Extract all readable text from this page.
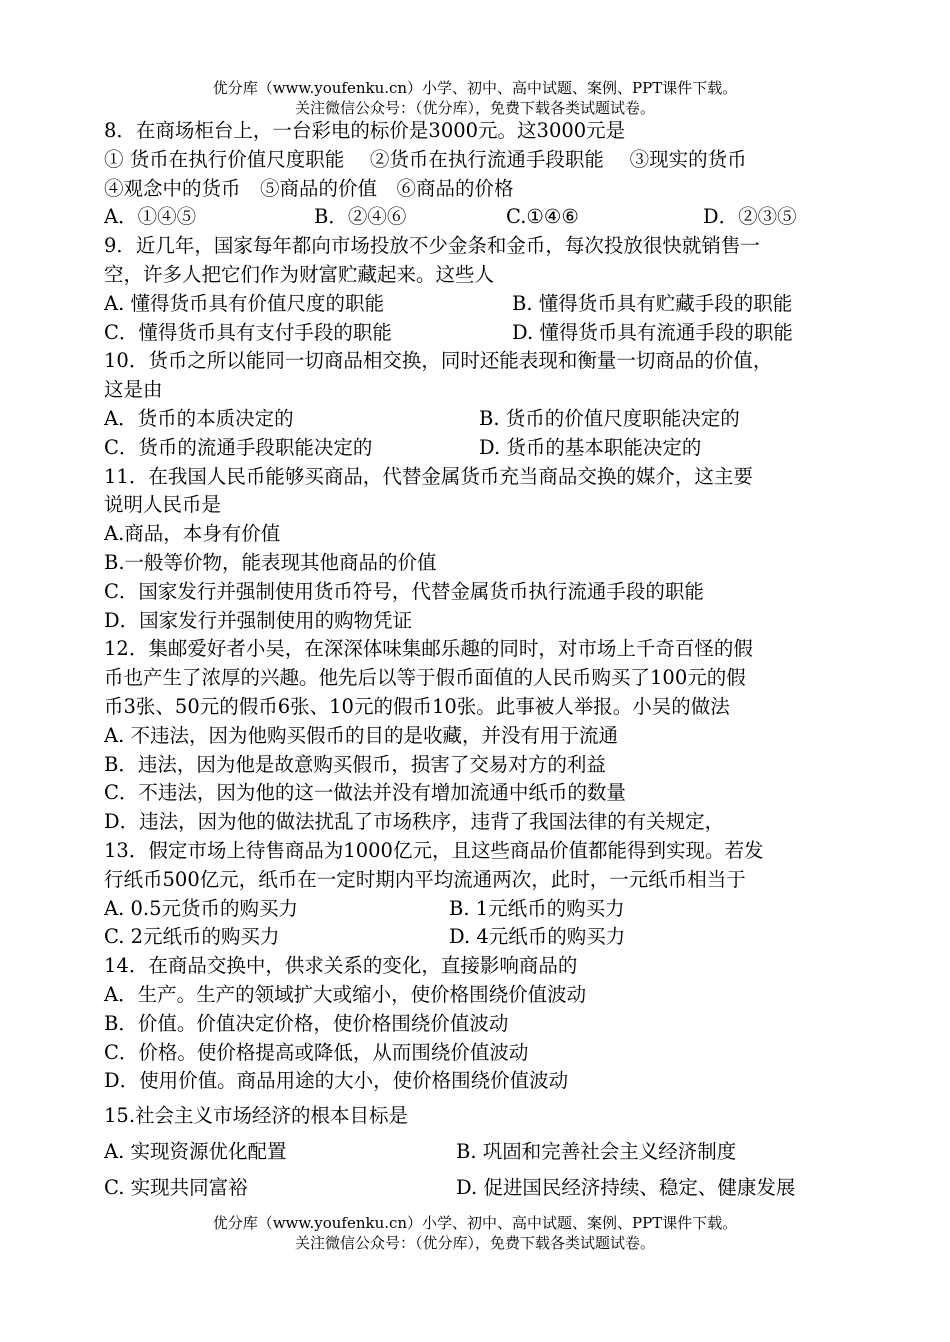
优分库（www.youfenku.cn）小学、初中、高中试题、案例、PPT课件下载。
关注微信公众号：（优分库），免费下载各类试题试卷。
8．在商场柜台上，一台彩电的标价是3000元。这3000元是
① 货币在执行价值尺度职能　 ②货币在执行流通手段职能　 ③现实的货币
④观念中的货币　⑤商品的价值　⑥商品的价格
A．①④⑤	B．②④⑥	C.①④⑥	D．②③⑤
9．近几年，国家每年都向市场投放不少金条和金币，每次投放很快就销售一
空，许多人把它们作为财富贮藏起来。这些人
A. 懂得货币具有价值尺度的职能	B. 懂得货币具有贮藏手段的职能
C．懂得货币具有支付手段的职能	D. 懂得货币具有流通手段的职能
10．货币之所以能同一切商品相交换，同时还能表现和衡量一切商品的价值，
这是由
A．货币的本质决定的	B. 货币的价值尺度职能决定的
C．货币的流通手段职能决定的	D. 货币的基本职能决定的
11．在我国人民币能够买商品，代替金属货币充当商品交换的媒介，这主要
说明人民币是
A.商品，本身有价值
B.一般等价物，能表现其他商品的价值
C．国家发行并强制使用货币符号，代替金属货币执行流通手段的职能
D．国家发行并强制使用的购物凭证
12．集邮爱好者小吴，在深深体味集邮乐趣的同时，对市场上千奇百怪的假
币也产生了浓厚的兴趣。他先后以等于假币面值的人民币购买了100元的假
币3张、50元的假币6张、10元的假币10张。此事被人举报。小吴的做法
A. 不违法，因为他购买假币的目的是收藏，并没有用于流通
B．违法，因为他是故意购买假币，损害了交易对方的利益
C．不违法，因为他的这一做法并没有增加流通中纸币的数量
D．违法，因为他的做法扰乱了市场秩序，违背了我国法律的有关规定，
13．假定市场上待售商品为1000亿元，且这些商品价值都能得到实现。若发
行纸币500亿元，纸币在一定时期内平均流通两次，此时，一元纸币相当于
A. 0.5元货币的购买力	B. 1元纸币的购买力
C. 2元纸币的购买力	D. 4元纸币的购买力
14．在商品交换中，供求关系的变化，直接影响商品的
A．生产。生产的领域扩大或缩小，使价格围绕价值波动
B．价值。价值决定价格，使价格围绕价值波动
C．价格。使价格提高或降低，从而围绕价值波动
D．使用价值。商品用途的大小，使价格围绕价值波动
15.社会主义市场经济的根本目标是
A. 实现资源优化配置	B. 巩固和完善社会主义经济制度
C. 实现共同富裕	D. 促进国民经济持续、稳定、健康发展
优分库（www.youfenku.cn）小学、初中、高中试题、案例、PPT课件下载。
关注微信公众号：（优分库），免费下载各类试题试卷。
